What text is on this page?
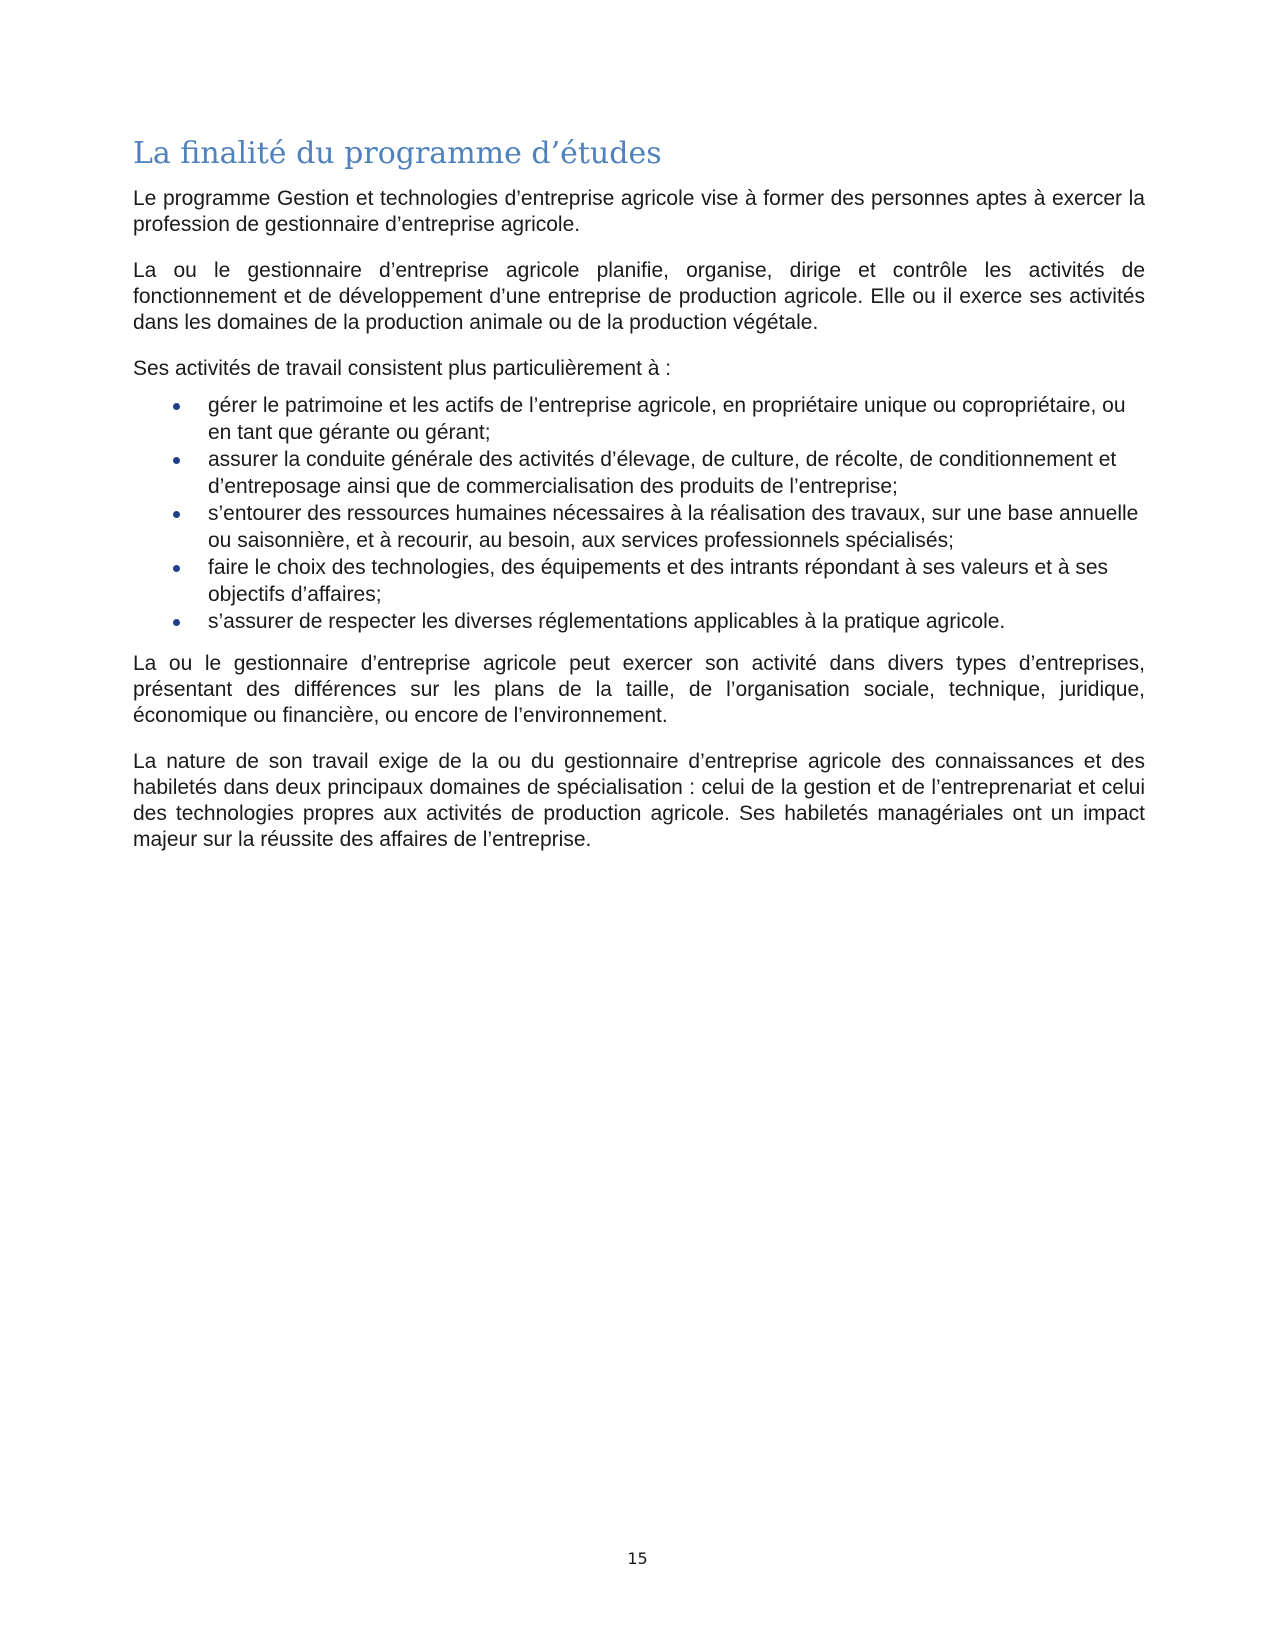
La finalité du programme d’études

Le programme Gestion et technologies d’entreprise agricole vise à former des personnes aptes à exercer la profession de gestionnaire d’entreprise agricole.

La ou le gestionnaire d’entreprise agricole planifie, organise, dirige et contrôle les activités de fonctionnement et de développement d’une entreprise de production agricole. Elle ou il exerce ses activités dans les domaines de la production animale ou de la production végétale.

Ses activités de travail consistent plus particulièrement à :

gérer le patrimoine et les actifs de l’entreprise agricole, en propriétaire unique ou copropriétaire, ou en tant que gérante ou gérant;
assurer la conduite générale des activités d’élevage, de culture, de récolte, de conditionnement et d’entreposage ainsi que de commercialisation des produits de l’entreprise;
s’entourer des ressources humaines nécessaires à la réalisation des travaux, sur une base annuelle ou saisonnière, et à recourir, au besoin, aux services professionnels spécialisés;
faire le choix des technologies, des équipements et des intrants répondant à ses valeurs et à ses objectifs d’affaires;
s’assurer de respecter les diverses réglementations applicables à la pratique agricole.

La ou le gestionnaire d’entreprise agricole peut exercer son activité dans divers types d’entreprises, présentant des différences sur les plans de la taille, de l’organisation sociale, technique, juridique, économique ou financière, ou encore de l’environnement.

La nature de son travail exige de la ou du gestionnaire d’entreprise agricole des connaissances et des habiletés dans deux principaux domaines de spécialisation : celui de la gestion et de l’entreprenariat et celui des technologies propres aux activités de production agricole. Ses habiletés managériales ont un impact majeur sur la réussite des affaires de l’entreprise.

15
